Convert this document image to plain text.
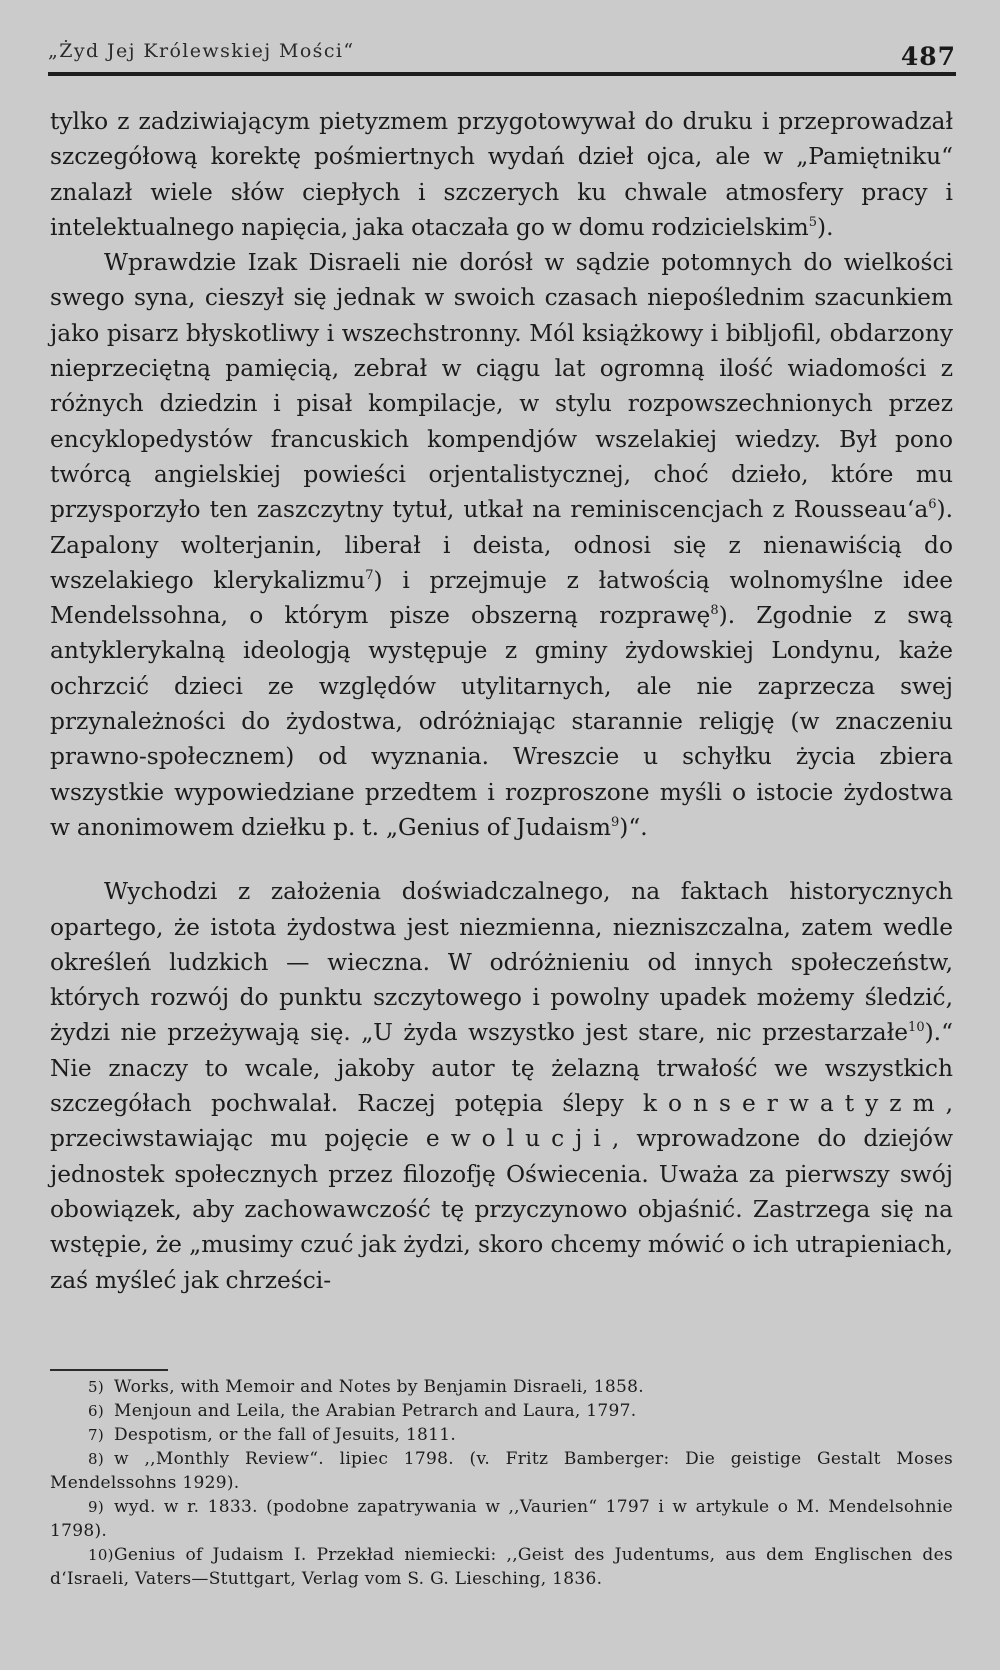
„Żyd Jej Królewskiej Mości“	487

tylko z zadziwiającym pietyzmem przygotowywał do druku i przeprowadzał szczegółową korektę pośmiertnych wydań dzieł ojca, ale w „Pamiętniku“ znalazł wiele słów ciepłych i szczerych ku chwale atmosfery pracy i intelektualnego napięcia, jaka otaczała go w domu rodzicielskim$^5$).

Wprawdzie Izak Disraeli nie dorósł w sądzie potomnych do wielkości swego syna, cieszył się jednak w swoich czasach niepoślednim szacunkiem jako pisarz błyskotliwy i wszechstronny. Mól książkowy i bibljofil, obdarzony nieprzeciętną pamięcią, zebrał w ciągu lat ogromną ilość wiadomości z różnych dziedzin i pisał kompilacje, w stylu rozpowszechnionych przez encyklopedystów francuskich kompendjów wszelakiej wiedzy. Był pono twórcą angielskiej powieści orjentalistycznej, choć dzieło, które mu przysporzyło ten zaszczytny tytuł, utkał na reminiscencjach z $Rousseau‘a^6$). Zapalony wolterjanin, liberał i deista, odnosi się z nienawiścią do wszelakiego klerykalizmu$^7$) i przejmuje z łatwością wolnomyślne idee Mendelssohna, o którym pisze obszerną rozprawę$^8$). Zgodnie z swą antyklerykalną ideologją występuje z gminy żydowskiej Londynu, każe ochrzcić dzieci ze względów utylitarnych, ale nie zaprzecza swej przynależności do żydostwa, odróżniając starannie religję (w znaczeniu prawno-społecznem) od wyznania. Wreszcie u schyłku życia zbiera wszystkie wypowiedziane przedtem i rozproszone myśli o istocie żydostwa w anonimowem dziełku p. t. „Genius of Judaism$^9$)“.

Wychodzi z założenia doświadczalnego, na faktach historycznych opartego, że istota żydostwa jest niezmienna, niezniszczalna, zatem wedle określeń ludzkich — wieczna. W odróżnieniu od innych społeczeństw, których rozwój do punktu szczytowego i powolny upadek możemy śledzić, żydzi nie przeżywają się. „U żyda wszystko jest stare, nic przestarzałe$^{10}$).“ Nie znaczy to wcale, jakoby autor tę żelazną trwałość we wszystkich szczegółach pochwalał. Raczej potępia ślepy konserwatyzm, przeciwstawiając mu pojęcie ewolucji, wprowadzone do dziejów jednostek społecznych przez filozofję Oświecenia. Uważa za pierwszy swój obowiązek, aby zachowawczość tę przyczynowo objaśnić. Zastrzega się na wstępie, że „musimy czuć jak żydzi, skoro chcemy mówić o ich utrapieniach, zaś myśleć jak chrześci-

5) Works, with Memoir and Notes by Benjamin Disraeli, 1858.
6) Menjoun and Leila, the Arabian Petrarch and Laura, 1797.
7) Despotism, or the fall of Jesuits, 1811.
8) w ,,Monthly Review“. lipiec 1798. (v. Fritz Bamberger: Die geistige Gestalt Moses Mendelssohns 1929).
9) wyd. w r. 1833. (podobne zapatrywania w ,,Vaurien“ 1797 i w artykule o M. Mendelsohnie 1798).
10)Genius of Judaism I. Przekład niemiecki: ,,Geist des Judentums, aus dem Englischen des d‘Israeli, Vaters—Stuttgart, Verlag vom S. G. Liesching, 1836.
